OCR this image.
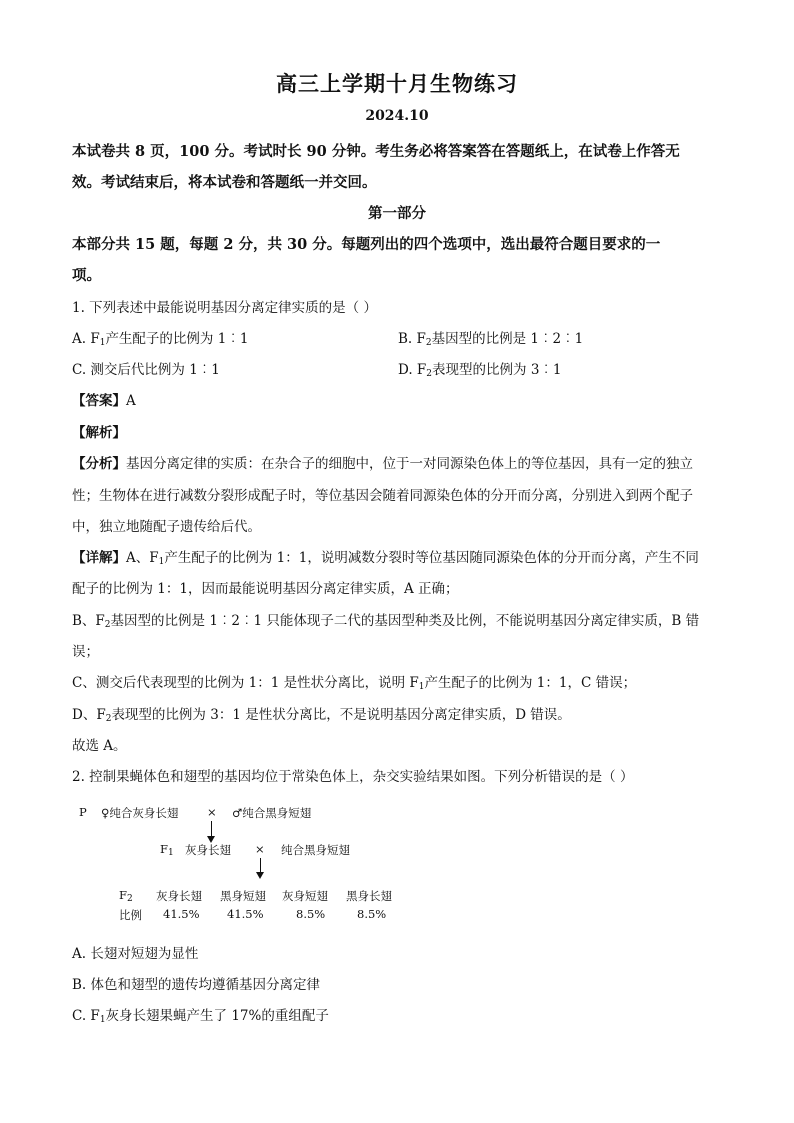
高三上学期十月生物练习
2024.10
本试卷共 8 页，100 分。考试时长 90 分钟。考生务必将答案答在答题纸上，在试卷上作答无
效。考试结束后，将本试卷和答题纸一并交回。
第一部分
本部分共 15 题，每题 2 分，共 30 分。每题列出的四个选项中，选出最符合题目要求的一
项。
1. 下列表述中最能说明基因分离定律实质的是（ ）
A. $F_1$产生配子的比例为 1︰1	B. $F_2$基因型的比例是 1︰2︰1
C. 测交后代比例为 1︰1	D. $F_2$表现型的比例为 3︰1
【答案】A
【解析】
【分析】基因分离定律的实质：在杂合子的细胞中，位于一对同源染色体上的等位基因，具有一定的独立
性；生物体在进行减数分裂形成配子时，等位基因会随着同源染色体的分开而分离，分别进入到两个配子
中，独立地随配子遗传给后代。
【详解】A、$F_1$产生配子的比例为 1：1，说明减数分裂时等位基因随同源染色体的分开而分离，产生不同
配子的比例为 1：1，因而最能说明基因分离定律实质，A 正确；
B、$F_2$基因型的比例是 1︰2︰1 只能体现子二代的基因型种类及比例，不能说明基因分离定律实质，B 错
误；
C、测交后代表现型的比例为 1：1 是性状分离比，说明 $F_1$产生配子的比例为 1：1，C 错误；
D、$F_2$表现型的比例为 3：1 是性状分离比，不是说明基因分离定律实质，D 错误。
故选 A。
2. 控制果蝇体色和翅型的基因均位于常染色体上，杂交实验结果如图。下列分析错误的是（ ）
P ♀纯合灰身长翅 × ♂纯合黑身短翅
$F_1$ 灰身长翅 × 纯合黑身短翅
$F_2$ 灰身长翅 黑身短翅 灰身短翅 黑身长翅
比例 41.5% 41.5%	8.5%	8.5%
A. 长翅对短翅为显性
B. 体色和翅型的遗传均遵循基因分离定律
C. $F_1$灰身长翅果蝇产生了 17%的重组配子
